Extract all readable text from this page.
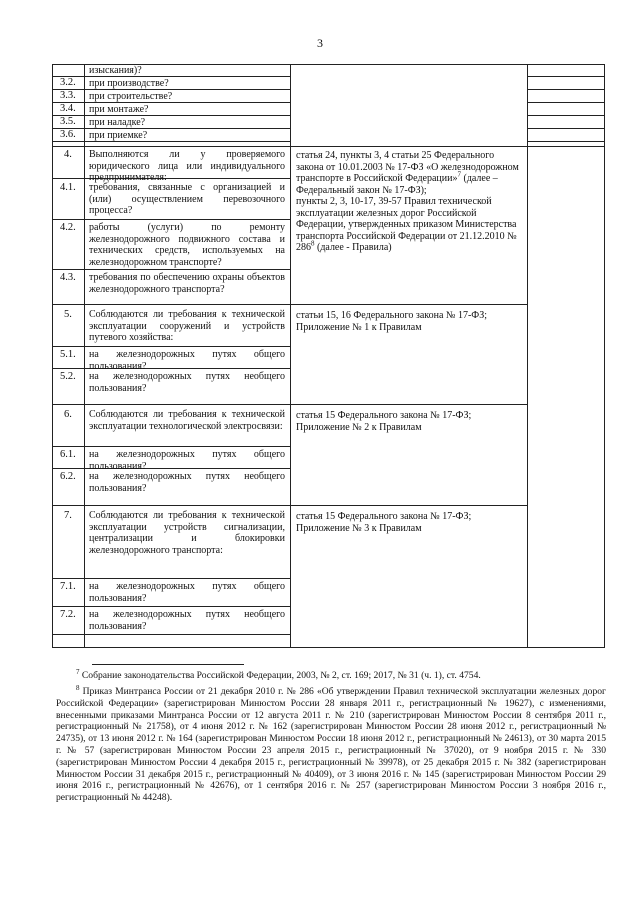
3
3.2.
3.3.
3.4.
3.5.
3.6.
4.
4.1.
4.2.
4.3.
5.
5.1.
5.2.
6.
6.1.
6.2.
7.
7.1.
7.2.
изыскания)?
при производстве?
при строительстве?
при монтаже?
при наладке?
при приемке?
Выполняются ли у проверяемого юридического лица или индивидуального предпринимателя:
требования, связанные с организацией и (или) осуществлением перевозочного процесса?
работы (услуги) по ремонту железнодорожного подвижного состава и технических средств, используемых на железнодорожном транспорте?
требования по обеспечению охраны объектов железнодорожного транспорта?
Соблюдаются ли требования к технической эксплуатации сооружений и устройств путевого хозяйства:
на железнодорожных путях общего пользования?
на железнодорожных путях необщего пользования?
Соблюдаются ли требования к технической эксплуатации технологической электросвязи:
на железнодорожных путях общего пользования?
на железнодорожных путях необщего пользования?
Соблюдаются ли требования к технической эксплуатации устройств сигнализации, централизации и блокировки железнодорожного транспорта:
на железнодорожных путях общего пользования?
на железнодорожных путях необщего пользования?
статья 24, пункты 3, 4 статьи 25 Федерального закона от 10.01.2003 № 17-ФЗ «О железнодорожном транспорте в Российской Федерации»$^7$ (далее – Федеральный закон № 17-ФЗ);
пункты 2, 3, 10-17, 39-57 Правил технической эксплуатации железных дорог Российской Федерации, утвержденных приказом Министерства транспорта Российской Федерации от 21.12.2010 № $286^8$ (далее - Правила)
статьи 15, 16 Федерального закона № 17-ФЗ; Приложение № 1 к Правилам
статья 15 Федерального закона № 17-ФЗ; Приложение № 2 к Правилам
статья 15 Федерального закона № 17-ФЗ; Приложение № 3 к Правилам
$^7$ Собрание законодательства Российской Федерации, 2003, № 2, ст. 169; 2017, № 31 (ч. 1), ст. 4754.
$^8$ Приказ Минтранса России от 21 декабря 2010 г. № 286 «Об утверждении Правил технической эксплуатации железных дорог Российской Федерации» (зарегистрирован Минюстом России 28 января 2011 г., регистрационный № 19627), с изменениями, внесенными приказами Минтранса России от 12 августа 2011 г. № 210 (зарегистрирован Минюстом России 8 сентября 2011 г., регистрационный № 21758), от 4 июня 2012 г. № 162 (зарегистрирован Минюстом России 28 июня 2012 г., регистрационный № 24735), от 13 июня 2012 г. № 164 (зарегистрирован Минюстом России 18 июня 2012 г., регистрационный № 24613), от 30 марта 2015 г. № 57 (зарегистрирован Минюстом России 23 апреля 2015 г., регистрационный № 37020), от 9 ноября 2015 г. № 330 (зарегистрирован Минюстом России 4 декабря 2015 г., регистрационный № 39978), от 25 декабря 2015 г. № 382 (зарегистрирован Минюстом России 31 декабря 2015 г., регистрационный № 40409), от 3 июня 2016 г. № 145 (зарегистрирован Минюстом России 29 июня 2016 г., регистрационный № 42676), от 1 сентября 2016 г. № 257 (зарегистрирован Минюстом России 3 ноября 2016 г., регистрационный № 44248).
